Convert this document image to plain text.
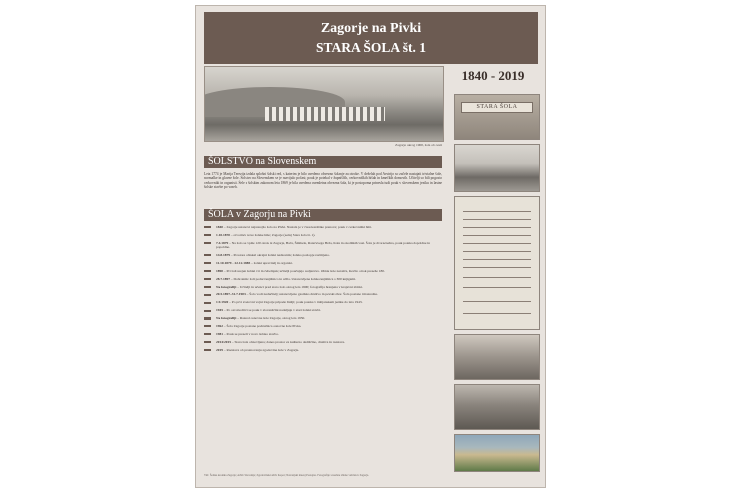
Zagorje na Pivki
STARA ŠOLA št. 1
Zagorje okrog 1900, šola ob cesti
1840 - 2019
ŠOLSTVO na Slovenskem
Leta 1774 je Marija Terezija izdala splošni šolski red, s katerim je bilo uvedeno obvezno šolanje za otroke. V deželah pod Avstrijo so začele nastajati trivialne šole, normalke in glavne šole. Šolstvo na Slovenskem se je razvijalo počasi; pouk je potekal v župniščih, cerkovniških hišah in kmečkih domovih. Učitelji so bili pogosto cerkovniki in organisti. Šele s šolskim zakonom leta 1869 je bila uvedena osemletna obvezna šola, ki je postopoma prinesla tudi pouk v slovenskem jeziku in lastne šolske stavbe po vaseh.
ŠOLA v Zagorju na Pivki
1840 – Zagorje ustanovi najstarejšo šolo na Pivki. Nastala je v času katoliške prenove; pouk v cerkovniški hiši.
1.10.1870 – otvoritev nove šolske hiše; Zagorje (sedaj Stara šola št. 1).
7.4.1879 – Na šolo se vpiše 120 otrok iz Zagorja, Bača, Šmihela, Ratečevega Brda, Kala in okoliških vasi. Šola je dvorazredna, pouk poteka dopoldne in popoldne.
14.8.1879 – Prostore obiskal okrajni šolski nadzornik; šolsko poslopje razširjeno.
11.10.1879 - 22.12.1885 – šolski upravitelj in organist.
1890 – Pri šoli urejen šolski vrt in čebelnjak; učitelji poučujejo sadjarstvo. Obisk šole narašča, število otrok preseže 180.
28.7.1897 – Dobrotnik: šoli podari knjižnico in učila. Ustanovljena šolska knjižnica s 300 knjigami.
Na fotografiji – Učitelji in učenci pred staro šolo okrog leta 1900; fotografija hranjena v krajevni zbirki.
20.5.1897–31.7.1903 – Šolo vodi nadučitelj; ustanovljeno gasilsko društvo in pevski zbor. Šola postane trirazredna.
1.9.1920 – Po prvi svetovni vojni Zagorje pripade Italiji; pouk poteka v italijanskem jeziku do leta 1943.
1945 – Po osvoboditvi se pouk v slovenščini nadaljuje v stari šolski stavbi.
Na fotografiji – Razred osnovne šole Zagorje, okrog leta 1950.
1962 – Šola Zagorje postane podružnica osnovne šole Pivka.
1981 – Pouk se preseli v novo šolsko stavbo.
2014/2015 – Stara šola obnovljena; danes prostor za kulturno dediščino, društva in razstave.
2019 – Razstava ob praznovanju zgodovine šole v Zagorju.
STARA ŠOLA
Viri: Šolska kronika Zagorje; Arhiv Slovenije; Zgodovinski arhiv Koper; Notranjski muzej Postojna. Fotografije: zasebne zbirke vaščanov Zagorja.
